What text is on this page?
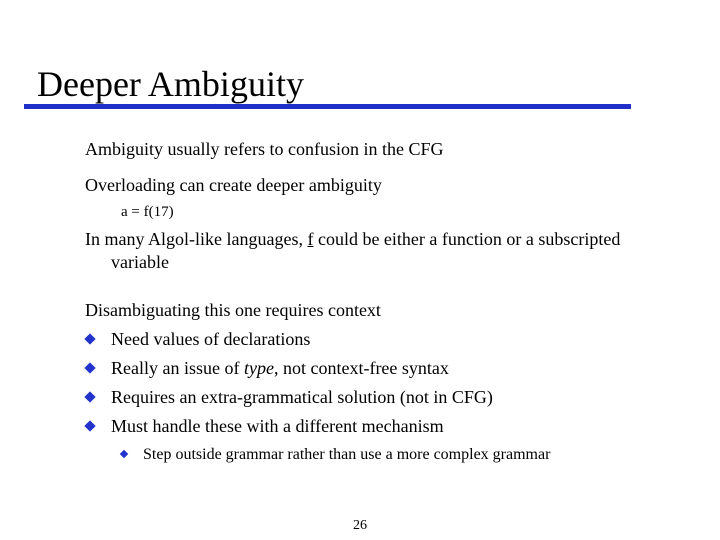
Deeper Ambiguity
Ambiguity usually refers to confusion in the CFG
Overloading can create deeper ambiguity
a = f(17)
In many Algol-like languages, f could be either a function or a subscripted
variable
Disambiguating this one requires context
Need values of declarations
Really an issue of type, not context-free syntax
Requires an extra-grammatical solution (not in CFG)
Must handle these with a different mechanism
Step outside grammar rather than use a more complex grammar
26
